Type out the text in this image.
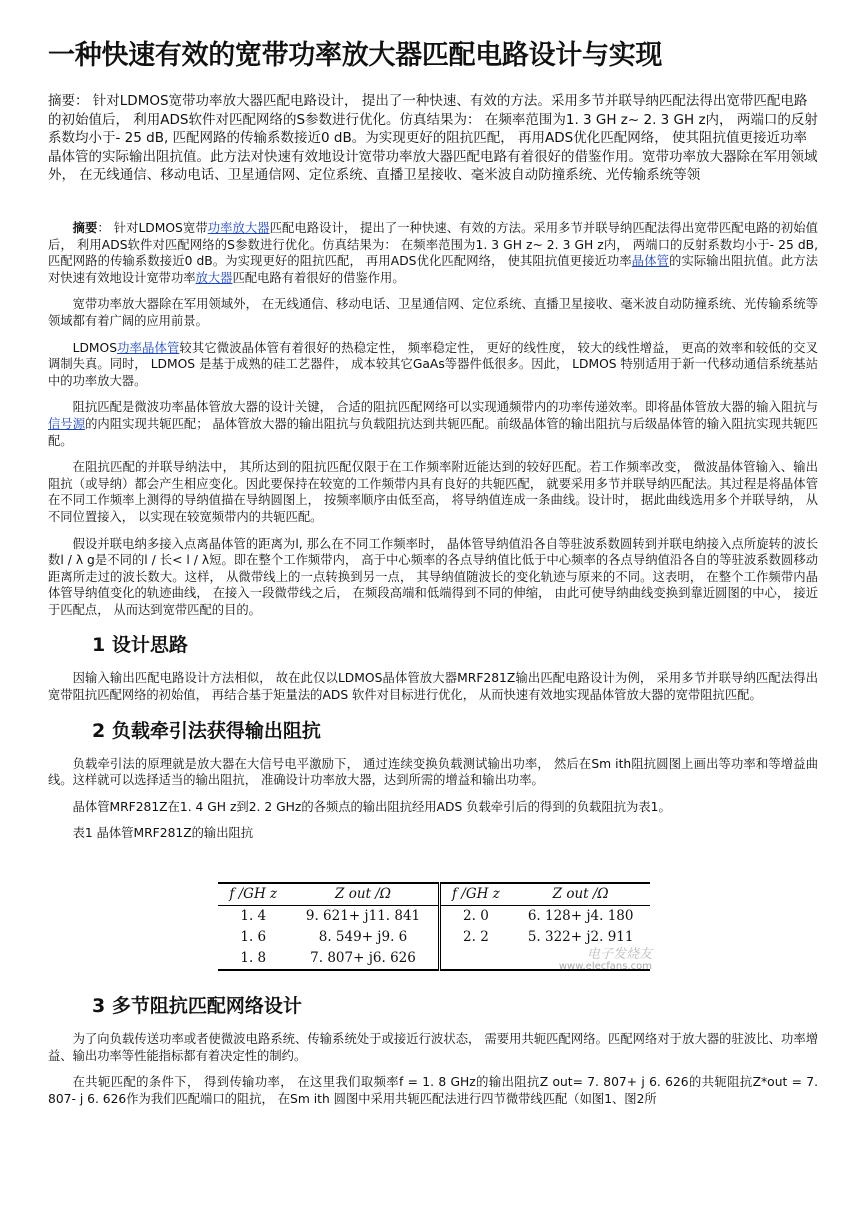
一种快速有效的宽带功率放大器匹配电路设计与实现
摘要： 针对LDMOS宽带功率放大器匹配电路设计， 提出了一种快速、有效的方法。采用多节并联导纳匹配法得出宽带匹配电路的初始值后， 利用ADS软件对匹配网络的S参数进行优化。仿真结果为： 在频率范围为1. 3 GH z~ 2. 3 GH z内， 两端口的反射系数均小于- 25 dB, 匹配网路的传输系数接近0 dB。为实现更好的阻抗匹配， 再用ADS优化匹配网络， 使其阻抗值更接近功率晶体管的实际输出阻抗值。此方法对快速有效地设计宽带功率放大器匹配电路有着很好的借鉴作用。宽带功率放大器除在军用领域外， 在无线通信、移动电话、卫星通信网、定位系统、直播卫星接收、毫米波自动防撞系统、光传输系统等领

摘要： 针对LDMOS宽带功率放大器匹配电路设计， 提出了一种快速、有效的方法。采用多节并联导纳匹配法得出宽带匹配电路的初始值后， 利用ADS软件对匹配网络的S参数进行优化。仿真结果为： 在频率范围为1. 3 GH z~ 2. 3 GH z内， 两端口的反射系数均小于- 25 dB, 匹配网路的传输系数接近0 dB。为实现更好的阻抗匹配， 再用ADS优化匹配网络， 使其阻抗值更接近功率晶体管的实际输出阻抗值。此方法对快速有效地设计宽带功率放大器匹配电路有着很好的借鉴作用。

宽带功率放大器除在军用领域外， 在无线通信、移动电话、卫星通信网、定位系统、直播卫星接收、毫米波自动防撞系统、光传输系统等领域都有着广阔的应用前景。

LDMOS功率晶体管较其它微波晶体管有着很好的热稳定性， 频率稳定性， 更好的线性度， 较大的线性增益， 更高的效率和较低的交叉调制失真。同时， LDMOS 是基于成熟的硅工艺器件， 成本较其它GaAs等器件低很多。因此， LDMOS 特别适用于新一代移动通信系统基站中的功率放大器。

阻抗匹配是微波功率晶体管放大器的设计关键， 合适的阻抗匹配网络可以实现通频带内的功率传递效率。即将晶体管放大器的输入阻抗与信号源的内阻实现共轭匹配； 晶体管放大器的输出阻抗与负载阻抗达到共轭匹配。前级晶体管的输出阻抗与后级晶体管的输入阻抗实现共轭匹配。

在阻抗匹配的并联导纳法中， 其所达到的阻抗匹配仅限于在工作频率附近能达到的较好匹配。若工作频率改变， 微波晶体管输入、输出阻抗（或导纳）都会产生相应变化。因此要保持在较宽的工作频带内具有良好的共轭匹配， 就要采用多节并联导纳匹配法。其过程是将晶体管在不同工作频率上测得的导纳值描在导纳圆图上， 按频率顺序由低至高， 将导纳值连成一条曲线。设计时， 据此曲线选用多个并联导纳， 从不同位置接入， 以实现在较宽频带内的共轭匹配。

假设并联电纳多接入点离晶体管的距离为l, 那么在不同工作频率时， 晶体管导纳值沿各自等驻波系数圆转到并联电纳接入点所旋转的波长数l / λ g是不同的l / 长< l / λ短。即在整个工作频带内， 高于中心频率的各点导纳值比低于中心频率的各点导纳值沿各自的等驻波系数圆移动距离所走过的波长数大。这样， 从微带线上的一点转换到另一点， 其导纳值随波长的变化轨迹与原来的不同。这表明， 在整个工作频带内晶体管导纳值变化的轨迹曲线， 在接入一段微带线之后， 在频段高端和低端得到不同的伸缩， 由此可使导纳曲线变换到靠近圆图的中心， 接近于匹配点， 从而达到宽带匹配的目的。

1 设计思路

因输入输出匹配电路设计方法相似， 故在此仅以LDMOS晶体管放大器MRF281Z输出匹配电路设计为例， 采用多节并联导纳匹配法得出宽带阻抗匹配网络的初始值， 再结合基于矩量法的ADS 软件对目标进行优化， 从而快速有效地实现晶体管放大器的宽带阻抗匹配。

2 负载牵引法获得输出阻抗

负载牵引法的原理就是放大器在大信号电平激励下， 通过连续变换负载测试输出功率， 然后在Sm ith阻抗圆图上画出等功率和等增益曲线。这样就可以选择适当的输出阻抗， 准确设计功率放大器，达到所需的增益和输出功率。

晶体管MRF281Z在1. 4 GH z到2. 2 GHz的各频点的输出阻抗经用ADS 负载牵引后的得到的负载阻抗为表1。

表1 晶体管MRF281Z的输出阻抗

f /GH z	Z out /Ω	f /GH z	Z out /Ω
1. 4	9. 621+ j11. 841	2. 0	6. 128+ j4. 180
1. 6	8. 549+ j9. 6	2. 2	5. 322+ j2. 911
1. 8	7. 807+ j6. 626			电子发烧友
www.elecfans.com
3 多节阻抗匹配网络设计

为了向负载传送功率或者使微波电路系统、传输系统处于或接近行波状态， 需要用共轭匹配网络。匹配网络对于放大器的驻波比、功率增益、输出功率等性能指标都有着决定性的制约。

在共轭匹配的条件下， 得到传输功率， 在这里我们取频率f = 1. 8 GHz的输出阻抗Z out= 7. 807+ j 6. 626的共轭阻抗Z*out = 7. 807- j 6. 626作为我们匹配端口的阻抗， 在Sm ith 圆图中采用共轭匹配法进行四节微带线匹配（如图1、图2所
